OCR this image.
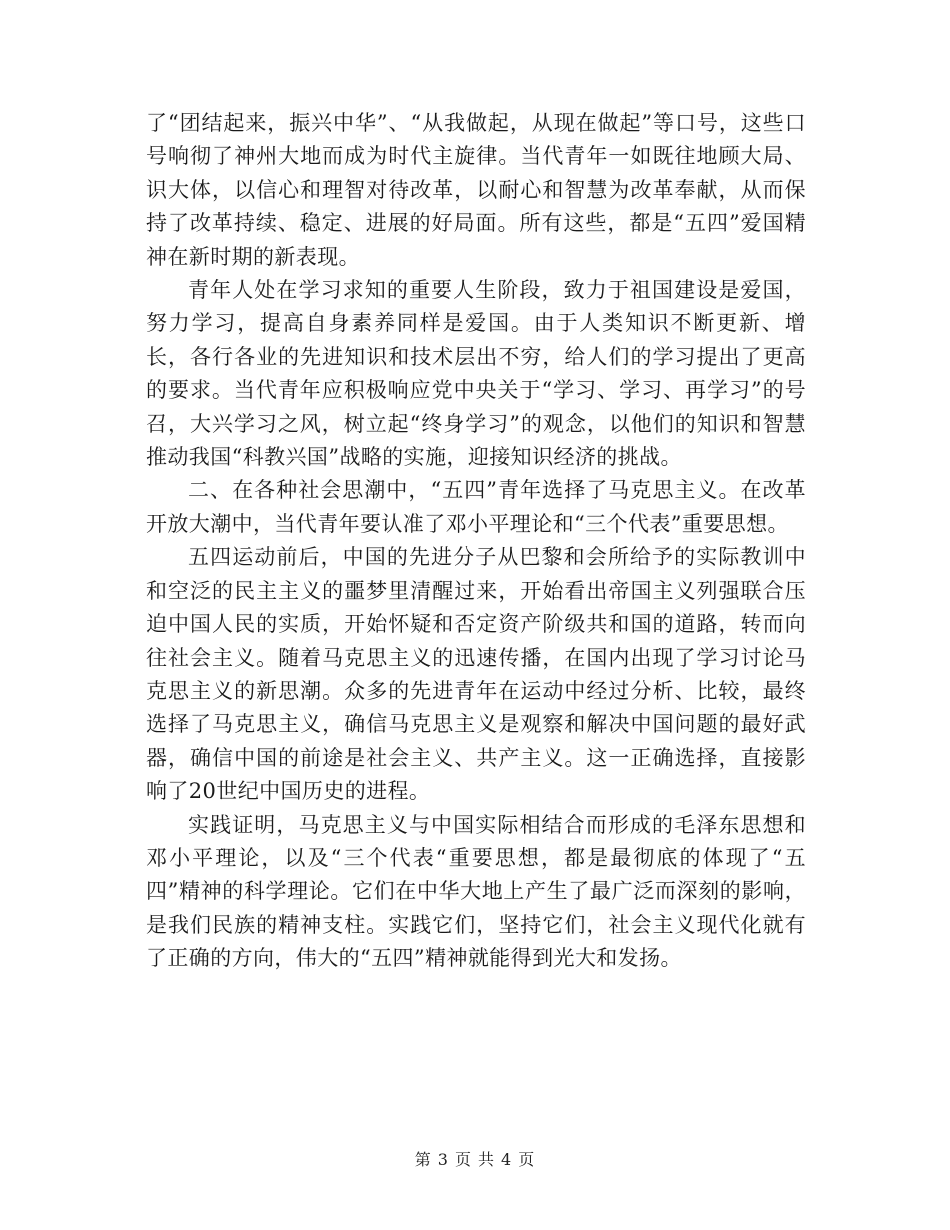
了“团结起来，振兴中华”、“从我做起，从现在做起”等口号，这些口号响彻了神州大地而成为时代主旋律。当代青年一如既往地顾大局、识大体，以信心和理智对待改革，以耐心和智慧为改革奉献，从而保持了改革持续、稳定、进展的好局面。所有这些，都是“五四”爱国精神在新时期的新表现。

青年人处在学习求知的重要人生阶段，致力于祖国建设是爱国，努力学习，提高自身素养同样是爱国。由于人类知识不断更新、增长，各行各业的先进知识和技术层出不穷，给人们的学习提出了更高的要求。当代青年应积极响应党中央关于“学习、学习、再学习”的号召，大兴学习之风，树立起“终身学习”的观念，以他们的知识和智慧推动我国“科教兴国”战略的实施，迎接知识经济的挑战。

二、在各种社会思潮中，“五四”青年选择了马克思主义。在改革开放大潮中，当代青年要认准了邓小平理论和“三个代表”重要思想。

五四运动前后，中国的先进分子从巴黎和会所给予的实际教训中和空泛的民主主义的噩梦里清醒过来，开始看出帝国主义列强联合压迫中国人民的实质，开始怀疑和否定资产阶级共和国的道路，转而向往社会主义。随着马克思主义的迅速传播，在国内出现了学习讨论马克思主义的新思潮。众多的先进青年在运动中经过分析、比较，最终选择了马克思主义，确信马克思主义是观察和解决中国问题的最好武器，确信中国的前途是社会主义、共产主义。这一正确选择，直接影响了20世纪中国历史的进程。

实践证明，马克思主义与中国实际相结合而形成的毛泽东思想和邓小平理论，以及“三个代表“重要思想，都是最彻底的体现了“五四”精神的科学理论。它们在中华大地上产生了最广泛而深刻的影响，是我们民族的精神支柱。实践它们，坚持它们，社会主义现代化就有了正确的方向，伟大的“五四”精神就能得到光大和发扬。

第 3 页 共 4 页
